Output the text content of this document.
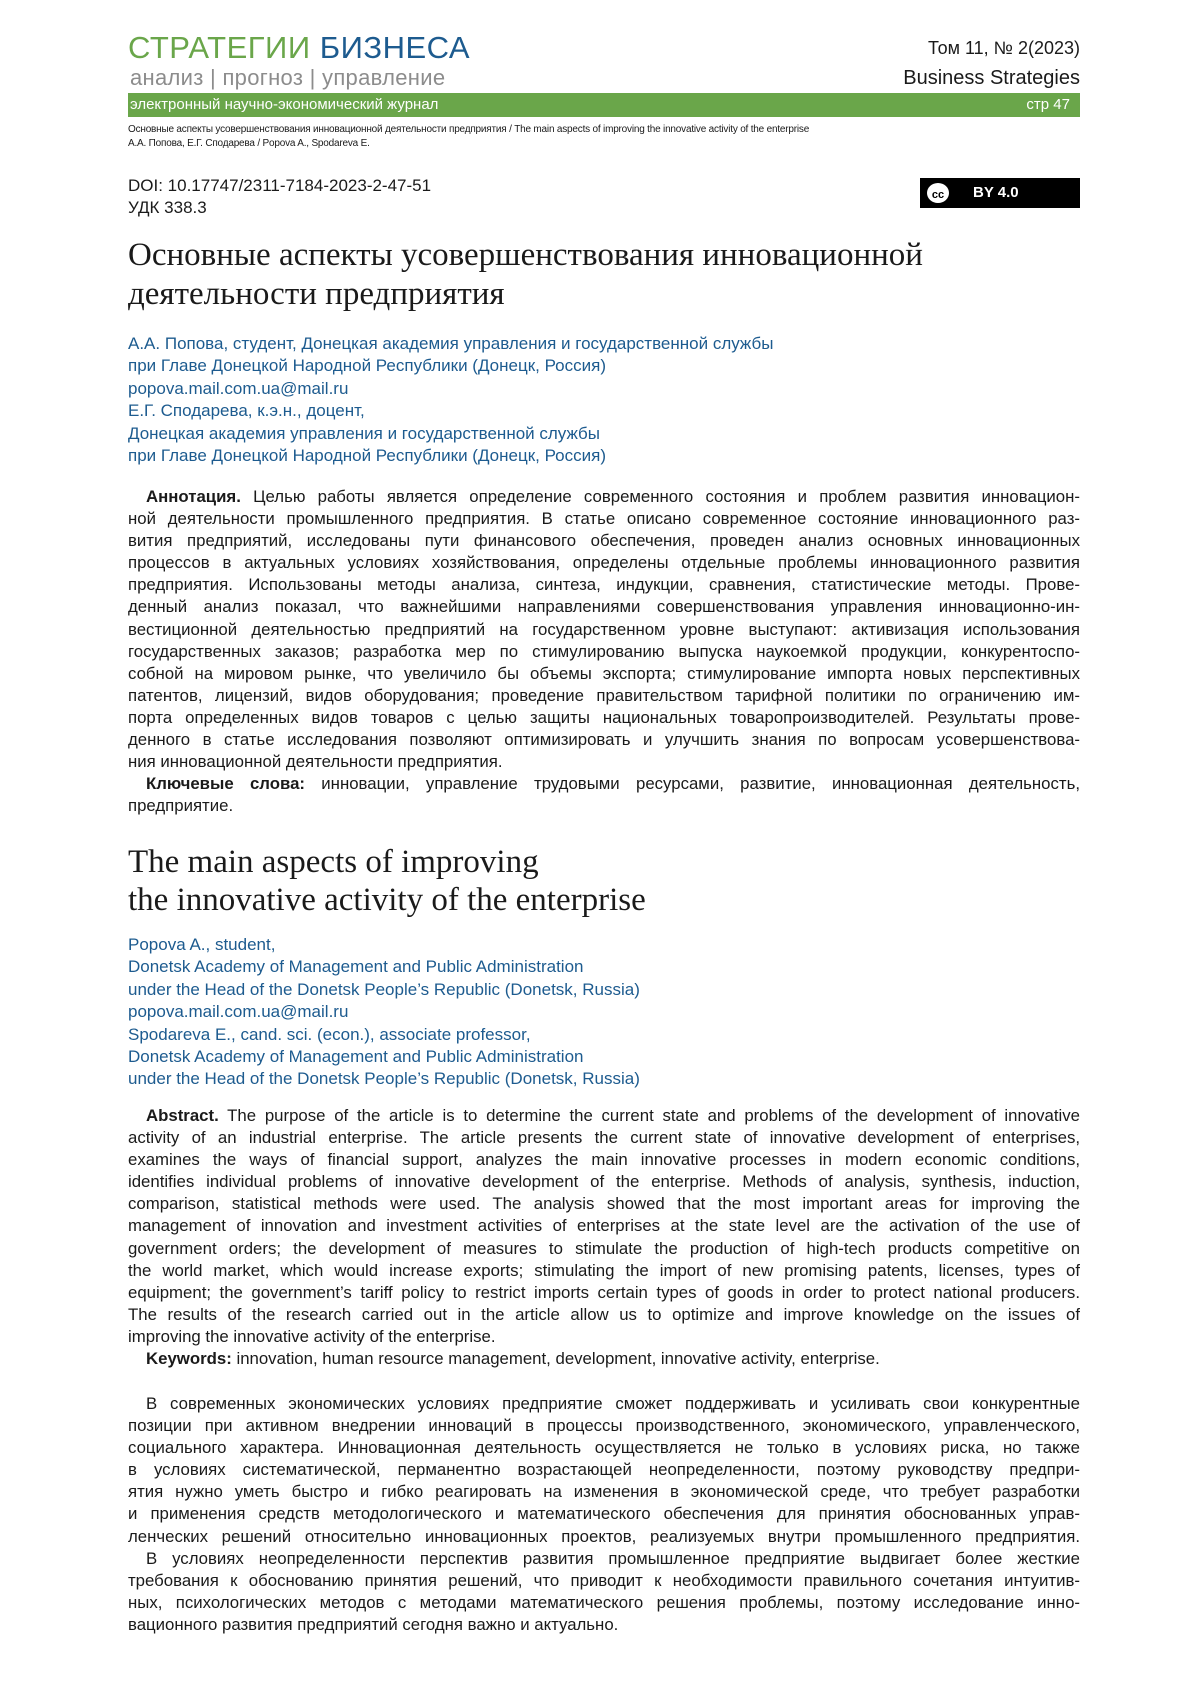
СТРАТЕГИИ БИЗНЕСА
анализ | прогноз | управление
Том 11, № 2(2023)
Business Strategies
электронный научно-экономический журнал	стр 47
Основные аспекты усовершенствования инновационной деятельности предприятия / The main aspects of improving the innovative activity of the enterprise
А.А. Попова, Е.Г. Сподарева / Popova A., Spodareva E.
DOI: 10.17747/2311-7184-2023-2-47-51
УДК 338.3
cc	BY 4.0
Основные аспекты усовершенствования инновационной
деятельности предприятия
А.А. Попова, студент, Донецкая академия управления и государственной службы
при Главе Донецкой Народной Республики (Донецк, Россия)
popova.mail.com.ua@mail.ru
Е.Г. Сподарева, к.э.н., доцент,
Донецкая академия управления и государственной службы
при Главе Донецкой Народной Республики (Донецк, Россия)
Аннотация. Целью работы является определение современного состояния и проблем развития инновацион-
ной деятельности промышленного предприятия. В статье описано современное состояние инновационного раз-
вития предприятий, исследованы пути финансового обеспечения, проведен анализ основных инновационных
процессов в актуальных условиях хозяйствования, определены отдельные проблемы инновационного развития
предприятия. Использованы методы анализа, синтеза, индукции, сравнения, статистические методы. Прове-
денный анализ показал, что важнейшими направлениями совершенствования управления инновационно-ин-
вестиционной деятельностью предприятий на государственном уровне выступают: активизация использования
государственных заказов; разработка мер по стимулированию выпуска наукоемкой продукции, конкурентоспо-
собной на мировом рынке, что увеличило бы объемы экспорта; стимулирование импорта новых перспективных
патентов, лицензий, видов оборудования; проведение правительством тарифной политики по ограничению им-
порта определенных видов товаров с целью защиты национальных товаропроизводителей. Результаты прове-
денного в статье исследования позволяют оптимизировать и улучшить знания по вопросам усовершенствова-
ния инновационной деятельности предприятия.
Ключевые слова: инновации, управление трудовыми ресурсами, развитие, инновационная деятельность,
предприятие.
The main aspects of improving
the innovative activity of the enterprise
Popova A., student,
Donetsk Academy of Management and Public Administration
under the Head of the Donetsk People’s Republic (Donetsk, Russia)
popova.mail.com.ua@mail.ru
Spodareva E., cand. sci. (econ.), associate professor,
Donetsk Academy of Management and Public Administration
under the Head of the Donetsk People’s Republic (Donetsk, Russia)
Abstract. The purpose of the article is to determine the current state and problems of the development of innovative
activity of an industrial enterprise. The article presents the current state of innovative development of enterprises,
examines the ways of financial support, analyzes the main innovative processes in modern economic conditions,
identifies individual problems of innovative development of the enterprise. Methods of analysis, synthesis, induction,
comparison, statistical methods were used. The analysis showed that the most important areas for improving the
management of innovation and investment activities of enterprises at the state level are the activation of the use of
government orders; the development of measures to stimulate the production of high-tech products competitive on
the world market, which would increase exports; stimulating the import of new promising patents, licenses, types of
equipment; the government’s tariff policy to restrict imports certain types of goods in order to protect national producers.
The results of the research carried out in the article allow us to optimize and improve knowledge on the issues of
improving the innovative activity of the enterprise.
Keywords: innovation, human resource management, development, innovative activity, enterprise.
В современных экономических условиях предприятие сможет поддерживать и усиливать свои конкурентные
позиции при активном внедрении инноваций в процессы производственного, экономического, управленческого,
социального характера. Инновационная деятельность осуществляется не только в условиях риска, но также
в условиях систематической, перманентно возрастающей неопределенности, поэтому руководству предпри-
ятия нужно уметь быстро и гибко реагировать на изменения в экономической среде, что требует разработки
и применения средств методологического и математического обеспечения для принятия обоснованных управ-
ленческих решений относительно инновационных проектов, реализуемых внутри промышленного предприятия.
В условиях неопределенности перспектив развития промышленное предприятие выдвигает более жесткие
требования к обоснованию принятия решений, что приводит к необходимости правильного сочетания интуитив-
ных, психологических методов с методами математического решения проблемы, поэтому исследование инно-
вационного развития предприятий сегодня важно и актуально.
